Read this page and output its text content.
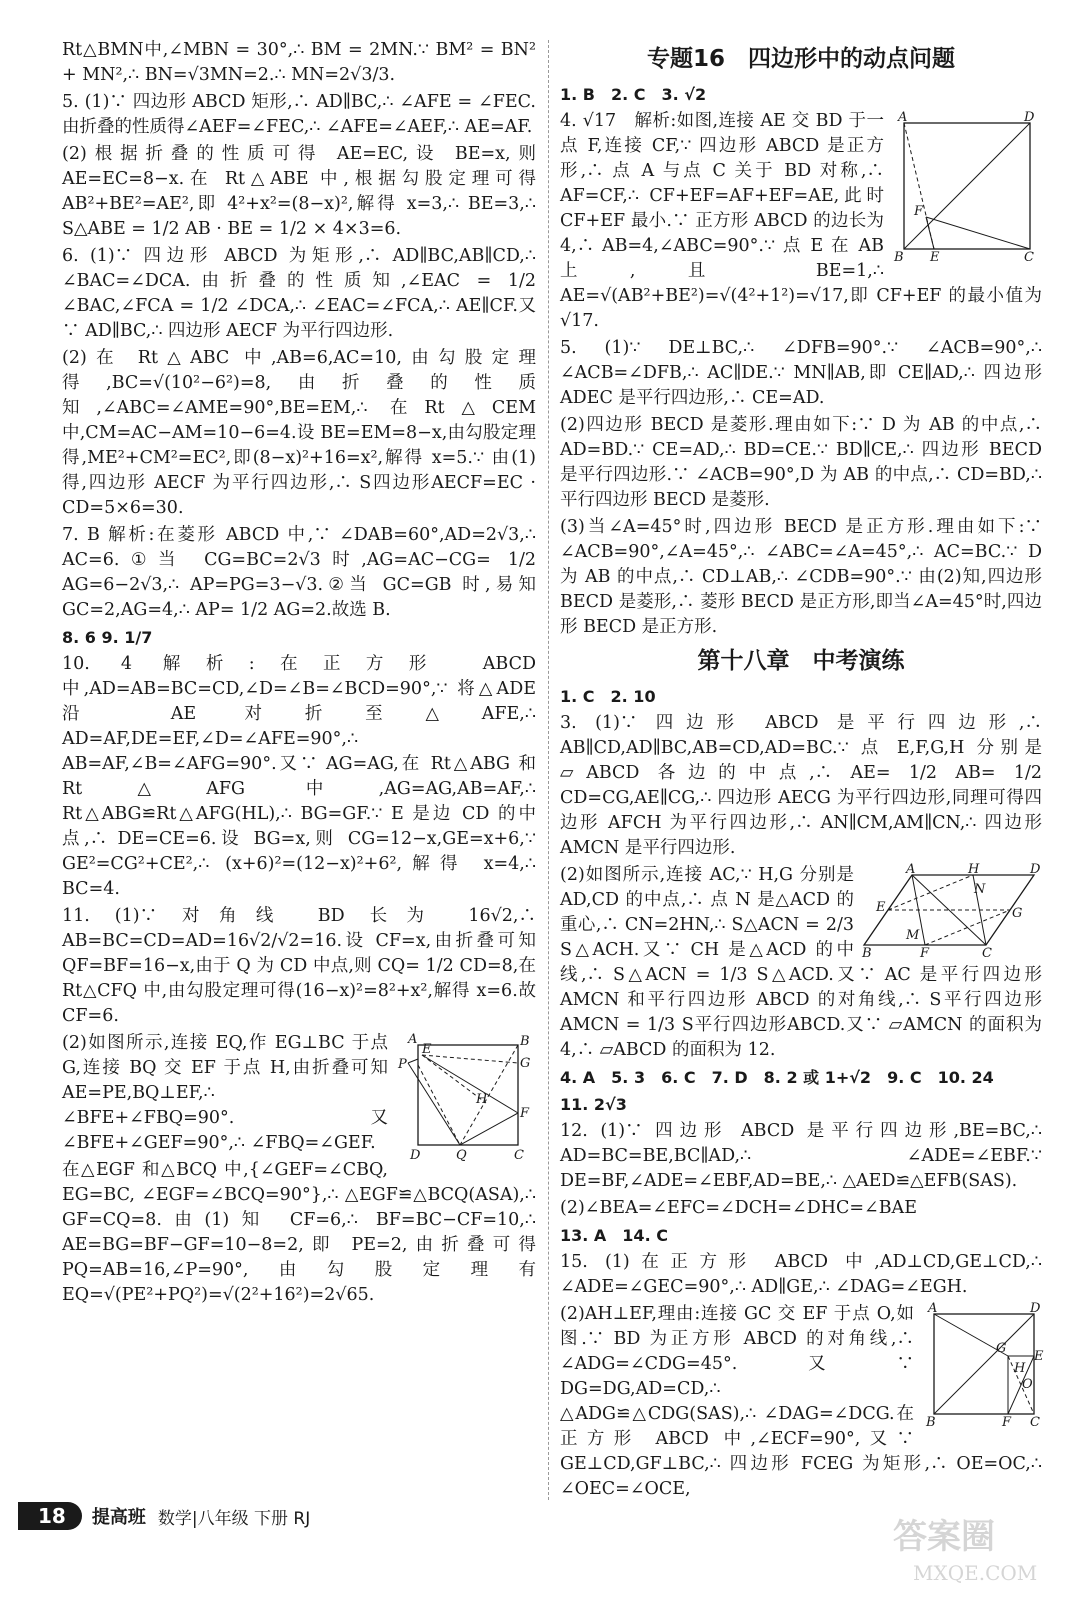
Rt△BMN中,∠MBN = 30°,∴ BM = 2MN.∵ BM² = BN² + MN²,∴ BN=√3MN=2.∴ MN=2√3/3.

5. (1)∵ 四边形 ABCD 矩形,∴ AD∥BC,∴ ∠AFE = ∠FEC.由折叠的性质得∠AEF=∠FEC,∴ ∠AFE=∠AEF,∴ AE=AF.

(2)根据折叠的性质可得 AE=EC,设 BE=x,则 AE=EC=8−x.在 Rt△ABE 中,根据勾股定理可得 AB²+BE²=AE²,即 4²+x²=(8−x)²,解得 x=3,∴ BE=3,∴ S△ABE = 1/2 AB · BE = 1/2 × 4×3=6.

6. (1)∵ 四边形 ABCD 为矩形,∴ AD∥BC,AB∥CD,∴ ∠BAC=∠DCA.由折叠的性质知,∠EAC = 1/2 ∠BAC,∠FCA = 1/2 ∠DCA,∴ ∠EAC=∠FCA,∴ AE∥CF.又∵ AD∥BC,∴ 四边形 AECF 为平行四边形.

(2)在 Rt△ABC 中,AB=6,AC=10,由勾股定理得,BC=√(10²−6²)=8,由折叠的性质知,∠ABC=∠AME=90°,BE=EM,∴ 在Rt△CEM 中,CM=AC−AM=10−6=4.设 BE=EM=8−x,由勾股定理得,ME²+CM²=EC²,即(8−x)²+16=x²,解得 x=5.∵ 由(1)得,四边形 AECF 为平行四边形,∴ S四边形AECF=EC · CD=5×6=30.

7. B 解析:在菱形 ABCD 中,∵ ∠DAB=60°,AD=2√3,∴ AC=6.①当 CG=BC=2√3时,AG=AC−CG= 1/2 AG=6−2√3,∴ AP=PG=3−√3.②当 GC=GB 时,易知 GC=2,AG=4,∴ AP= 1/2 AG=2.故选 B.

8. 6 9. 1/7

10. 4 解析:在正方形 ABCD 中,AD=AB=BC=CD,∠D=∠B=∠BCD=90°,∵ 将△ADE 沿 AE 对折至△AFE,∴ AD=AF,DE=EF,∠D=∠AFE=90°,∴ AB=AF,∠B=∠AFG=90°.又∵ AG=AG,在 Rt△ABG 和 Rt△AFG 中,AG=AG,AB=AF,∴ Rt△ABG≌Rt△AFG(HL),∴ BG=GF.∵ E 是边 CD 的中点,∴ DE=CE=6.设 BG=x,则 CG=12−x,GE=x+6,∵ GE²=CG²+CE²,∴ (x+6)²=(12−x)²+6²,解得 x=4,∴ BC=4.

11. (1)∵ 对角线 BD 长为 16√2,∴ AB=BC=CD=AD=16√2/√2=16.设 CF=x,由折叠可知 QF=BF=16−x,由于 Q 为 CD 中点,则 CQ= 1/2 CD=8,在 Rt△CFQ 中,由勾股定理可得(16−x)²=8²+x²,解得 x=6.故 CF=6.

A	B
P
E
G
H
F
D	Q	C

(2)如图所示,连接 EQ,作 EG⊥BC 于点 G,连接 BQ 交 EF 于点 H,由折叠可知 AE=PE,BQ⊥EF,∴ ∠BFE+∠FBQ=90°.又∠BFE+∠GEF=90°,∴ ∠FBQ=∠GEF.

在△EGF 和△BCQ 中,{∠GEF=∠CBQ, EG=BC, ∠EGF=∠BCQ=90°},∴ △EGF≌△BCQ(ASA),∴ GF=CQ=8.由(1)知 CF=6,∴ BF=BC−CF=10,∴ AE=BG=BF−GF=10−8=2,即 PE=2,由折叠可得 PQ=AB=16,∠P=90°,由勾股定理有 EQ=√(PE²+PQ²)=√(2²+16²)=2√65.

专题16　四边形中的动点问题

1. B　2. C　3. √2

A	D
F
B E	C

4. √17　解析:如图,连接 AE 交 BD 于一点 F,连接 CF,∵ 四边形 ABCD 是正方形,∴ 点 A 与点 C 关于 BD 对称,∴ AF=CF,∴ CF+EF=AF+EF=AE,此时 CF+EF 最小.∵ 正方形 ABCD 的边长为 4,∴ AB=4,∠ABC=90°.∵ 点 E 在 AB 上,且 BE=1,∴ AE=√(AB²+BE²)=√(4²+1²)=√17,即 CF+EF 的最小值为√17.

5. (1)∵ DE⊥BC,∴ ∠DFB=90°.∵ ∠ACB=90°,∴ ∠ACB=∠DFB,∴ AC∥DE.∵ MN∥AB,即 CE∥AD,∴ 四边形 ADEC 是平行四边形,∴ CE=AD.

(2)四边形 BECD 是菱形.理由如下:∵ D 为 AB 的中点,∴ AD=BD.∵ CE=AD,∴ BD=CE.∵ BD∥CE,∴ 四边形 BECD 是平行四边形.∵ ∠ACB=90°,D 为 AB 的中点,∴ CD=BD,∴ 平行四边形 BECD 是菱形.

(3)当∠A=45°时,四边形 BECD 是正方形.理由如下:∵ ∠ACB=90°,∠A=45°,∴ ∠ABC=∠A=45°,∴ AC=BC.∵ D 为 AB 的中点,∴ CD⊥AB,∴ ∠CDB=90°.∵ 由(2)知,四边形 BECD 是菱形,∴ 菱形 BECD 是正方形,即当∠A=45°时,四边形 BECD 是正方形.

第十八章　中考演练

1. C　2. 10

3. (1)∵ 四边形 ABCD 是平行四边形,∴ AB∥CD,AD∥BC,AB=CD,AD=BC.∵ 点 E,F,G,H 分别是▱ABCD 各边的中点,∴ AE= 1/2 AB= 1/2 CD=CG,AE∥CG,∴ 四边形 AECG 为平行四边形,同理可得四边形 AFCH 为平行四边形,∴ AN∥CM,AM∥CN,∴ 四边形 AMCN 是平行四边形.

A	H	D
N
E	G
M
B	F	C

(2)如图所示,连接 AC,∵ H,G 分别是 AD,CD 的中点,∴ 点 N 是△ACD 的重心,∴ CN=2HN,∴ S△ACN = 2/3 S△ACH.又∵ CH 是△ACD 的中线,∴ S△ACN = 1/3 S△ACD.又∵ AC 是平行四边形 AMCN 和平行四边形 ABCD 的对角线,∴ S平行四边形AMCN = 1/3 S平行四边形ABCD.又∵ ▱AMCN 的面积为 4,∴ ▱ABCD 的面积为 12.

4. A　5. 3　6. C　7. D　8. 2 或 1+√2　9. C　10. 24

11. 2√3

12. (1)∵ 四边形 ABCD 是平行四边形,BE=BC,∴ AD=BC=BE,BC∥AD,∴ ∠ADE=∠EBF.∵ DE=BF,∠ADE=∠EBF,AD=BE,∴ △AED≌△EFB(SAS).

(2)∠BEA=∠EFC=∠DCH=∠DHC=∠BAE

13. A　14. C

15. (1)在正方形 ABCD 中,AD⊥CD,GE⊥CD,∴ ∠ADE=∠GEC=90°,∴ AD∥GE,∴ ∠DAG=∠EGH.

A	D
G
H
E
O
B	F C

(2)AH⊥EF,理由:连接 GC 交 EF 于点 O,如图.∵ BD 为正方形 ABCD 的对角线,∴ ∠ADG=∠CDG=45°.又∵ DG=DG,AD=CD,∴ △ADG≌△CDG(SAS),∴ ∠DAG=∠DCG.在正方形 ABCD 中,∠ECF=90°,又∵ GE⊥CD,GF⊥BC,∴ 四边形 FCEG 为矩形,∴ OE=OC,∴ ∠OEC=∠OCE,

18	提高班 数学|八年级 下册 RJ	答案圈
MXQE.COM
